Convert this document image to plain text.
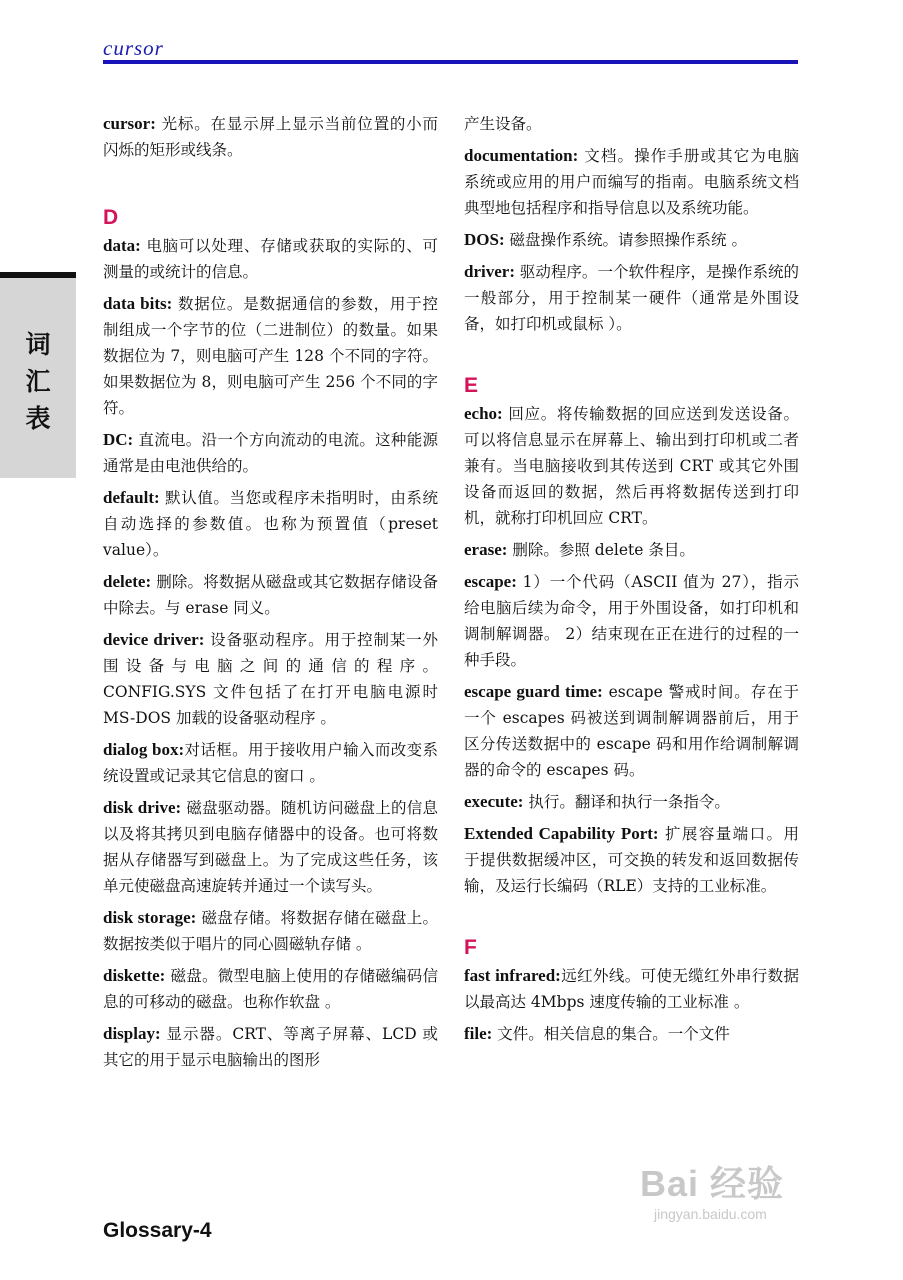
cursor
词
汇
表

cursor: 光标。在显示屏上显示当前位置的小而闪烁的矩形或线条。

D

data: 电脑可以处理、存储或获取的实际的、可测量的或统计的信息。

data bits: 数据位。是数据通信的参数，用于控制组成一个字节的位（二进制位）的数量。如果数据位为 7，则电脑可产生 128 个不同的字符。如果数据位为 8，则电脑可产生 256 个不同的字符。

DC: 直流电。沿一个方向流动的电流。这种能源通常是由电池供给的。

default: 默认值。当您或程序未指明时，由系统自动选择的参数值。也称为预置值（preset value）。

delete: 删除。将数据从磁盘或其它数据存储设备中除去。与 erase 同义。

device driver: 设备驱动程序。用于控制某一外围设备与电脑之间的通信的程序。CONFIG.SYS 文件包括了在打开电脑电源时 MS-DOS 加载的设备驱动程序 。

dialog box:对话框。用于接收用户输入而改变系统设置或记录其它信息的窗口 。

disk drive: 磁盘驱动器。随机访问磁盘上的信息以及将其拷贝到电脑存储器中的设备。也可将数据从存储器写到磁盘上。为了完成这些任务，该单元使磁盘高速旋转并通过一个读写头。

disk storage: 磁盘存储。将数据存储在磁盘上。数据按类似于唱片的同心圆磁轨存储 。

diskette: 磁盘。微型电脑上使用的存储磁编码信息的可移动的磁盘。也称作软盘 。

display: 显示器。CRT、等离子屏幕、LCD 或其它的用于显示电脑输出的图形

产生设备。

documentation: 文档。操作手册或其它为电脑系统或应用的用户而编写的指南。电脑系统文档典型地包括程序和指导信息以及系统功能。

DOS: 磁盘操作系统。请参照操作系统 。

driver: 驱动程序。一个软件程序，是操作系统的一般部分，用于控制某一硬件（通常是外围设备，如打印机或鼠标 ）。

E

echo: 回应。将传输数据的回应送到发送设备。可以将信息显示在屏幕上、输出到打印机或二者兼有。当电脑接收到其传送到 CRT 或其它外围设备而返回的数据，然后再将数据传送到打印机，就称打印机回应 CRT。

erase: 删除。参照 delete 条目。

escape: 1）一个代码（ASCII 值为 27），指示给电脑后续为命令，用于外围设备，如打印机和调制解调器。 2）结束现在正在进行的过程的一种手段。

escape guard time: escape 警戒时间。存在于一个 escapes 码被送到调制解调器前后，用于区分传送数据中的 escape 码和用作给调制解调器的命令的 escapes 码。

execute: 执行。翻译和执行一条指令。

Extended Capability Port: 扩展容量端口。用于提供数据缓冲区，可交换的转发和返回数据传输，及运行长编码（RLE）支持的工业标准。

F

fast infrared:远红外线。可使无缆红外串行数据以最高达 4Mbps 速度传输的工业标准 。

file: 文件。相关信息的集合。一个文件

Glossary-4
Bai 经验
jingyan.baidu.com
